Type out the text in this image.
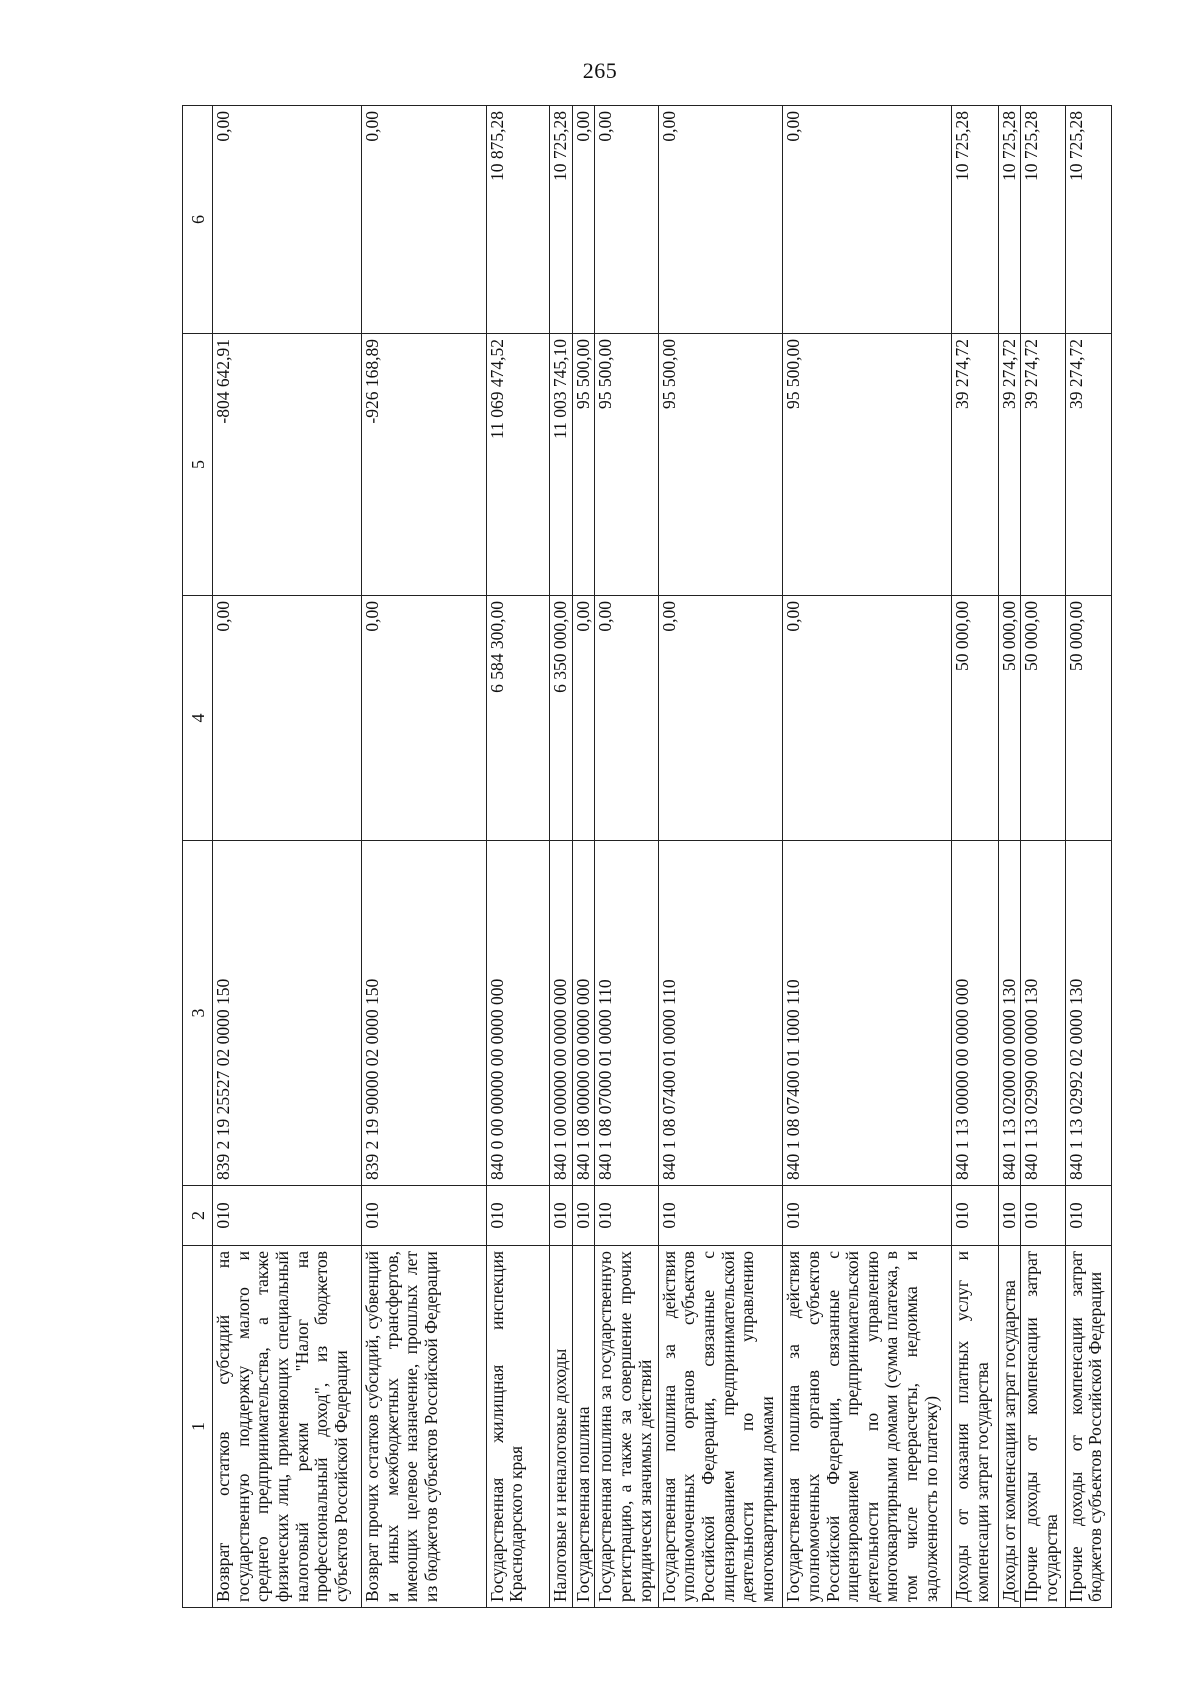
265
1	2	3	4	5	6
Возврат остатков субсидий на государственную поддержку малого и среднего предпринимательства, а также физических лиц, применяющих специальный налоговый режим "Налог на профессиональный доход", из бюджетов субъектов Российской Федерации	010	839 2 19 25527 02 0000 150	0,00	-804 642,91	0,00
Возврат прочих остатков субсидий, субвенций и иных межбюджетных трансфертов, имеющих целевое назначение, прошлых лет из бюджетов субъектов Российской Федерации	010	839 2 19 90000 02 0000 150	0,00	-926 168,89	0,00
Государственная жилищная инспекция Краснодарского края	010	840 0 00 00000 00 0000 000	6 584 300,00	11 069 474,52	10 875,28
Налоговые и неналоговые доходы	010	840 1 00 00000 00 0000 000	6 350 000,00	11 003 745,10	10 725,28
Государственная пошлина	010	840 1 08 00000 00 0000 000	0,00	95 500,00	0,00
Государственная пошлина за государственную регистрацию, а также за совершение прочих юридически значимых действий	010	840 1 08 07000 01 0000 110	0,00	95 500,00	0,00
Государственная пошлина за действия уполномоченных органов субъектов Российской Федерации, связанные с лицензированием предпринимательской деятельности по управлению многоквартирными домами	010	840 1 08 07400 01 0000 110	0,00	95 500,00	0,00
Государственная пошлина за действия уполномоченных органов субъектов Российской Федерации, связанные с лицензированием предпринимательской деятельности по управлению многоквартирными домами (сумма платежа, в том числе перерасчеты, недоимка и задолженность по платежу)	010	840 1 08 07400 01 1000 110	0,00	95 500,00	0,00
Доходы от оказания платных услуг и компенсации затрат государства	010	840 1 13 00000 00 0000 000	50 000,00	39 274,72	10 725,28
Доходы от компенсации затрат государства	010	840 1 13 02000 00 0000 130	50 000,00	39 274,72	10 725,28
Прочие доходы от компенсации затрат государства	010	840 1 13 02990 00 0000 130	50 000,00	39 274,72	10 725,28
Прочие доходы от компенсации затрат бюджетов субъектов Российской Федерации	010	840 1 13 02992 02 0000 130	50 000,00	39 274,72	10 725,28
